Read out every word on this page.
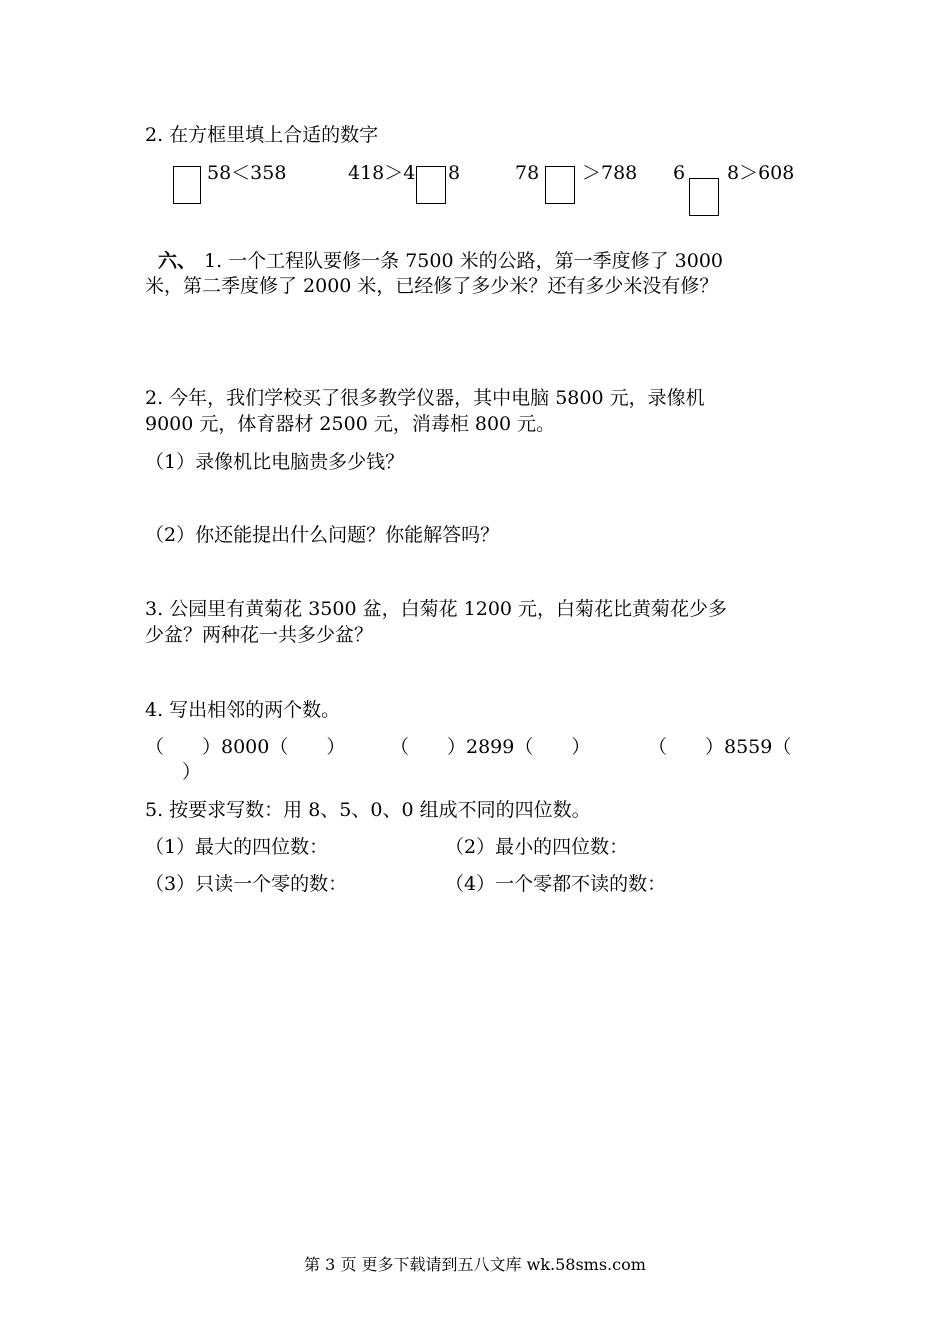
2. 在方框里填上合适的数字
58＜358	418＞4 8	78 ＞788 6 8＞608
六、 1. 一个工程队要修一条 7500 米的公路，第一季度修了 3000
米，第二季度修了 2000 米，已经修了多少米？还有多少米没有修？
2. 今年，我们学校买了很多教学仪器，其中电脑 5800 元，录像机
9000 元，体育器材 2500 元，消毒柜 800 元。
（1）录像机比电脑贵多少钱？
（2）你还能提出什么问题？你能解答吗？
3. 公园里有黄菊花 3500 盆，白菊花 1200 元，白菊花比黄菊花少多
少盆？两种花一共多少盆？
4. 写出相邻的两个数。
（　　）8000（　　） （　　）2899（　　）	（　　）8559（
）
5. 按要求写数：用 8、5、0、0 组成不同的四位数。
（1）最大的四位数：	（2）最小的四位数：
（3）只读一个零的数：	（4）一个零都不读的数：
第 3 页 更多下载请到五八文库 wk.58sms.com
